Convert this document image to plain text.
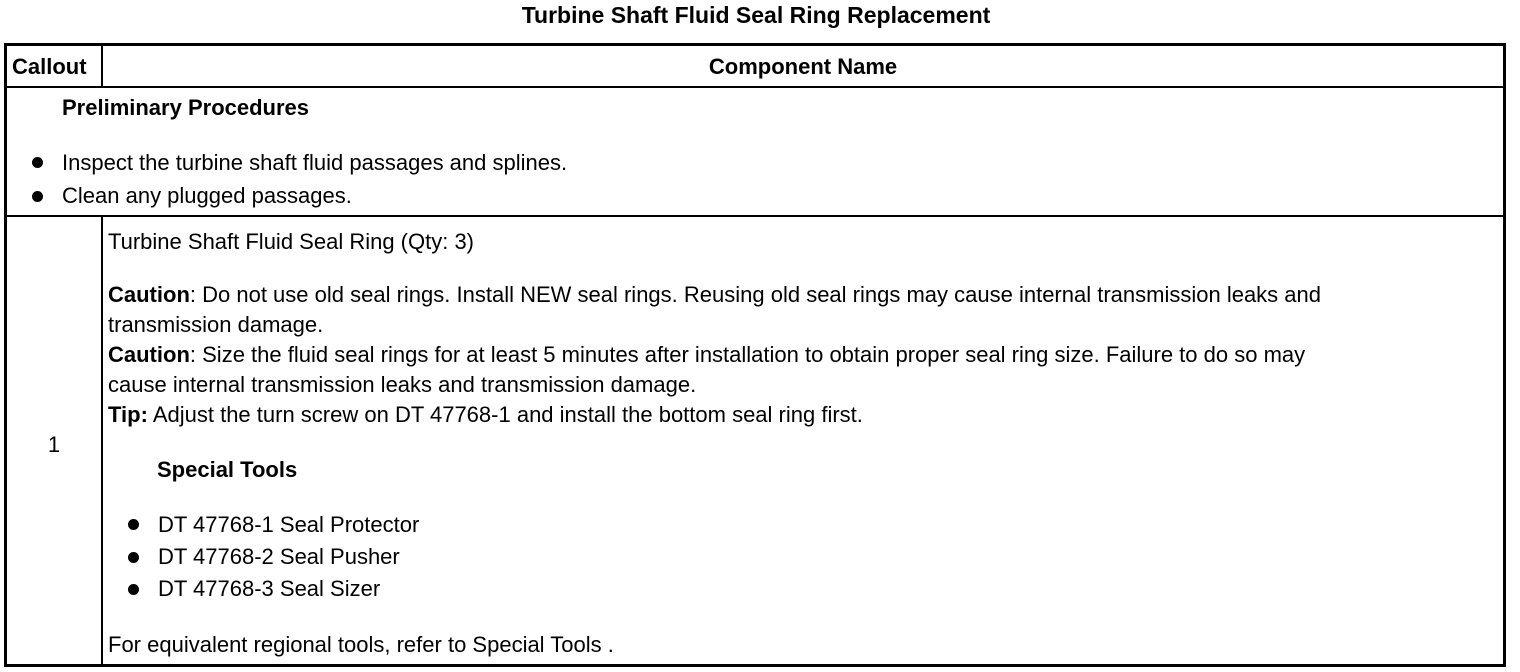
Turbine Shaft Fluid Seal Ring Replacement
Callout	Component Name
Preliminary Procedures
Inspect the turbine shaft fluid passages and splines.
Clean any plugged passages.
1
Turbine Shaft Fluid Seal Ring (Qty: 3)
Caution: Do not use old seal rings. Install NEW seal rings. Reusing old seal rings may cause internal transmission leaks and
transmission damage.
Caution: Size the fluid seal rings for at least 5 minutes after installation to obtain proper seal ring size. Failure to do so may
cause internal transmission leaks and transmission damage.
Tip: Adjust the turn screw on DT 47768-1 and install the bottom seal ring first.
Special Tools
DT 47768-1 Seal Protector
DT 47768-2 Seal Pusher
DT 47768-3 Seal Sizer
For equivalent regional tools, refer to Special Tools .
